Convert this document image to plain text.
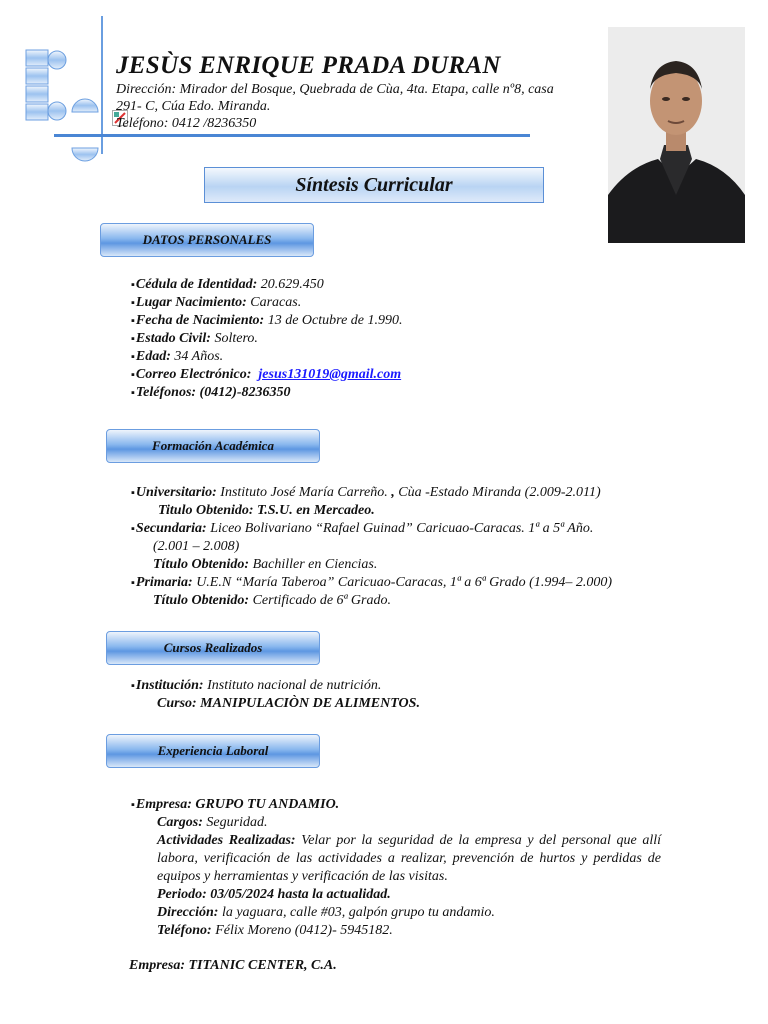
JESÙS ENRIQUE PRADA DURAN
Dirección: Mirador del Bosque, Quebrada de Cùa, 4ta. Etapa, calle nº8, casa
291- C, Cúa Edo. Miranda.
Teléfono: 0412 /8236350
Síntesis Curricular
DATOS PERSONALES

▪ Cédula de Identidad: 20.629.450

▪ Lugar Nacimiento: Caracas.

▪ Fecha de Nacimiento: 13 de Octubre de 1.990.

▪ Estado Civil: Soltero.

▪ Edad: 34 Años.

▪ Correo Electrónico: jesus131019@gmail.com

▪ Teléfonos: (0412)-8236350

Formación Académica

▪ Universitario: Instituto José María Carreño. , Cùa -Estado Miranda (2.009-2.011)

Titulo Obtenido: T.S.U. en Mercadeo.

▪ Secundaria: Liceo Bolivariano “Rafael Guinad” Caricuao-Caracas. 1ª a 5ª Año.

(2.001 – 2.008)

Título Obtenido: Bachiller en Ciencias.

▪ Primaria: U.E.N “María Taberoa” Caricuao-Caracas, 1ª a 6ª Grado (1.994– 2.000)

Título Obtenido: Certificado de 6ª Grado.

Cursos Realizados

▪ Institución: Instituto nacional de nutrición.

Curso: MANIPULACIÒN DE ALIMENTOS.

Experiencia Laboral

▪ Empresa: GRUPO TU ANDAMIO.

Cargos: Seguridad.

Actividades Realizadas: Velar por la seguridad de la empresa y del personal que allí labora, verificación de las actividades a realizar, prevención de hurtos y perdidas de equipos y herramientas y verificación de las visitas.

Periodo: 03/05/2024 hasta la actualidad.

Dirección: la yaguara, calle #03, galpón grupo tu andamio.

Teléfono: Félix Moreno (0412)- 5945182.

Empresa: TITANIC CENTER, C.A.
